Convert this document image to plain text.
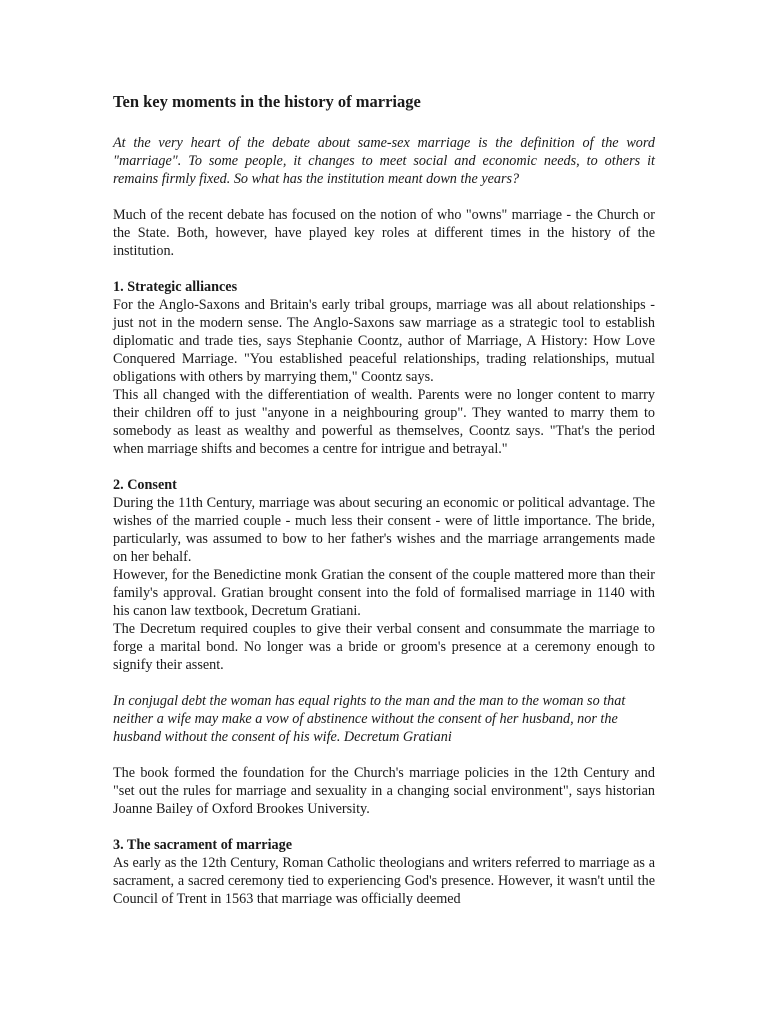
Ten key moments in the history of marriage

At the very heart of the debate about same-sex marriage is the definition of the word "marriage". To some people, it changes to meet social and economic needs, to others it remains firmly fixed. So what has the institution meant down the years?

Much of the recent debate has focused on the notion of who "owns" marriage - the Church or the State. Both, however, have played key roles at different times in the history of the institution.

1. Strategic alliances

For the Anglo-Saxons and Britain's early tribal groups, marriage was all about relationships - just not in the modern sense. The Anglo-Saxons saw marriage as a strategic tool to establish diplomatic and trade ties, says Stephanie Coontz, author of Marriage, A History: How Love Conquered Marriage. "You established peaceful relationships, trading relationships, mutual obligations with others by marrying them," Coontz says.

This all changed with the differentiation of wealth. Parents were no longer content to marry their children off to just "anyone in a neighbouring group". They wanted to marry them to somebody as least as wealthy and powerful as themselves, Coontz says. "That's the period when marriage shifts and becomes a centre for intrigue and betrayal."

2. Consent

During the 11th Century, marriage was about securing an economic or political advantage. The wishes of the married couple - much less their consent - were of little importance. The bride, particularly, was assumed to bow to her father's wishes and the marriage arrangements made on her behalf.

However, for the Benedictine monk Gratian the consent of the couple mattered more than their family's approval. Gratian brought consent into the fold of formalised marriage in 1140 with his canon law textbook, Decretum Gratiani.

The Decretum required couples to give their verbal consent and consummate the marriage to forge a marital bond. No longer was a bride or groom's presence at a ceremony enough to signify their assent.

In conjugal debt the woman has equal rights to the man and the man to the woman so that neither a wife may make a vow of abstinence without the consent of her husband, nor the husband without the consent of his wife. Decretum Gratiani

The book formed the foundation for the Church's marriage policies in the 12th Century and "set out the rules for marriage and sexuality in a changing social environment", says historian Joanne Bailey of Oxford Brookes University.

3. The sacrament of marriage

As early as the 12th Century, Roman Catholic theologians and writers referred to marriage as a sacrament, a sacred ceremony tied to experiencing God's presence. However, it wasn't until the Council of Trent in 1563 that marriage was officially deemed
